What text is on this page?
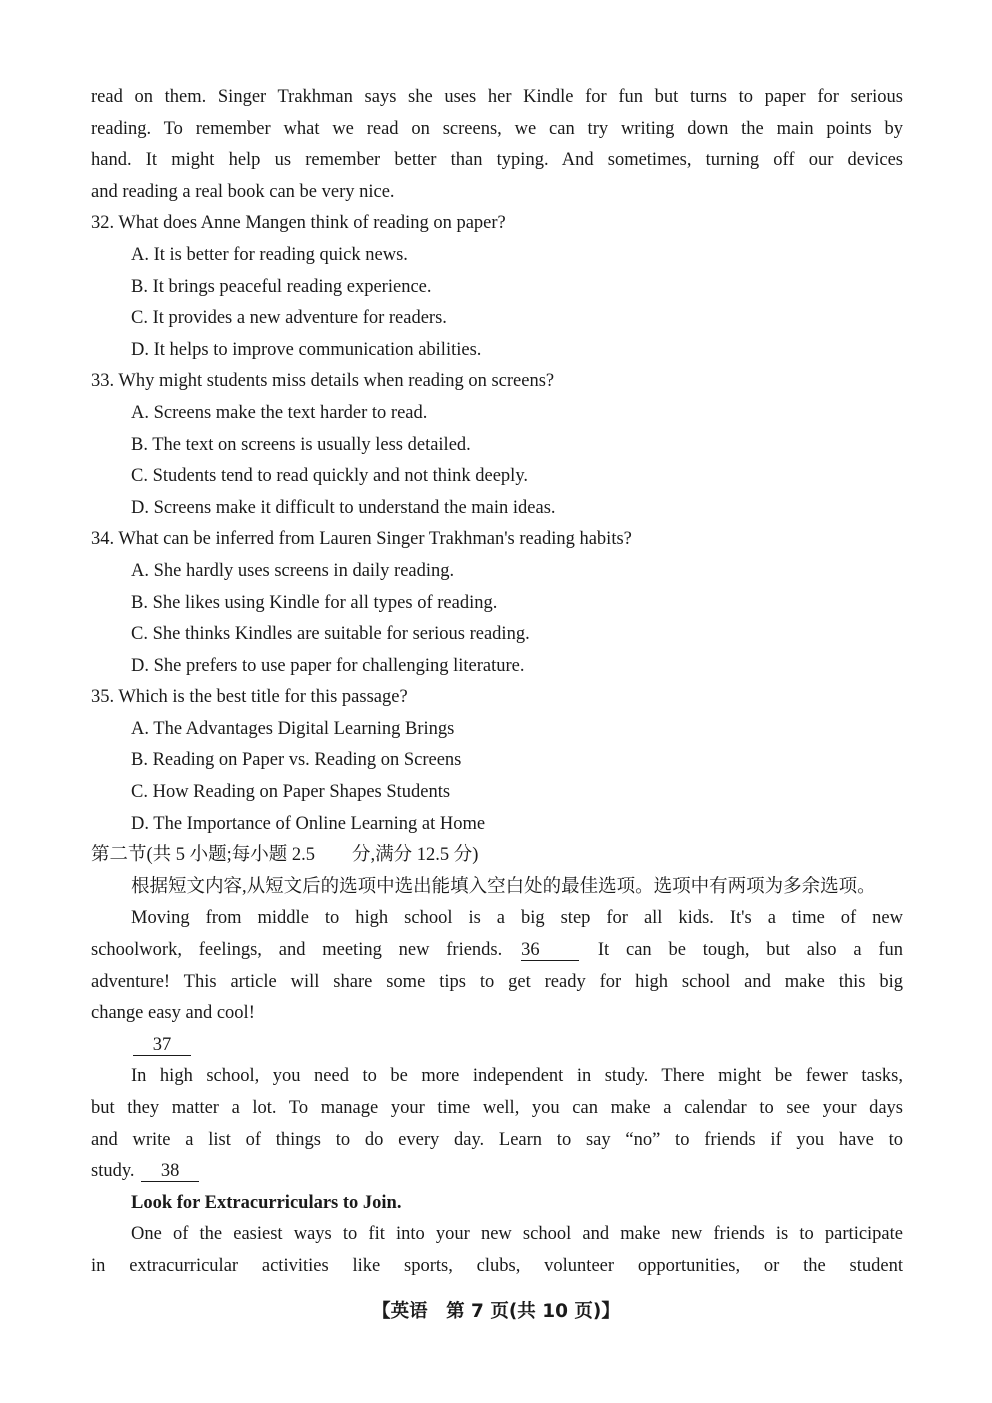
read on them. Singer Trakhman says she uses her Kindle for fun but turns to paper for serious
reading. To remember what we read on screens, we can try writing down the main points by
hand. It might help us remember better than typing. And sometimes, turning off our devices
and reading a real book can be very nice.
32. What does Anne Mangen think of reading on paper?
A. It is better for reading quick news.
B. It brings peaceful reading experience.
C. It provides a new adventure for readers.
D. It helps to improve communication abilities.
33. Why might students miss details when reading on screens?
A. Screens make the text harder to read.
B. The text on screens is usually less detailed.
C. Students tend to read quickly and not think deeply.
D. Screens make it difficult to understand the main ideas.
34. What can be inferred from Lauren Singer Trakhman's reading habits?
A. She hardly uses screens in daily reading.
B. She likes using Kindle for all types of reading.
C. She thinks Kindles are suitable for serious reading.
D. She prefers to use paper for challenging literature.
35. Which is the best title for this passage?
A. The Advantages Digital Learning Brings
B. Reading on Paper vs. Reading on Screens
C. How Reading on Paper Shapes Students
D. The Importance of Online Learning at Home
第二节(共 5 小题;每小题 2.5　　分,满分 12.5 分)
根据短文内容,从短文后的选项中选出能填入空白处的最佳选项。选项中有两项为多余选项。
Moving from middle to high school is a big step for all kids. It's a time of new
schoolwork, feelings, and meeting new friends. 36	It can be tough, but also a fun
adventure! This article will share some tips to get ready for high school and make this big
change easy and cool!
37
In high school, you need to be more independent in study. There might be fewer tasks,
but they matter a lot. To manage your time well, you can make a calendar to see your days
and write a list of things to do every day. Learn to say “no” to friends if you have to
study. 38
Look for Extracurriculars to Join.
One of the easiest ways to fit into your new school and make new friends is to participate
in extracurricular activities like sports, clubs, volunteer opportunities, or the student
【英语　第 7 页(共 10 页)】
